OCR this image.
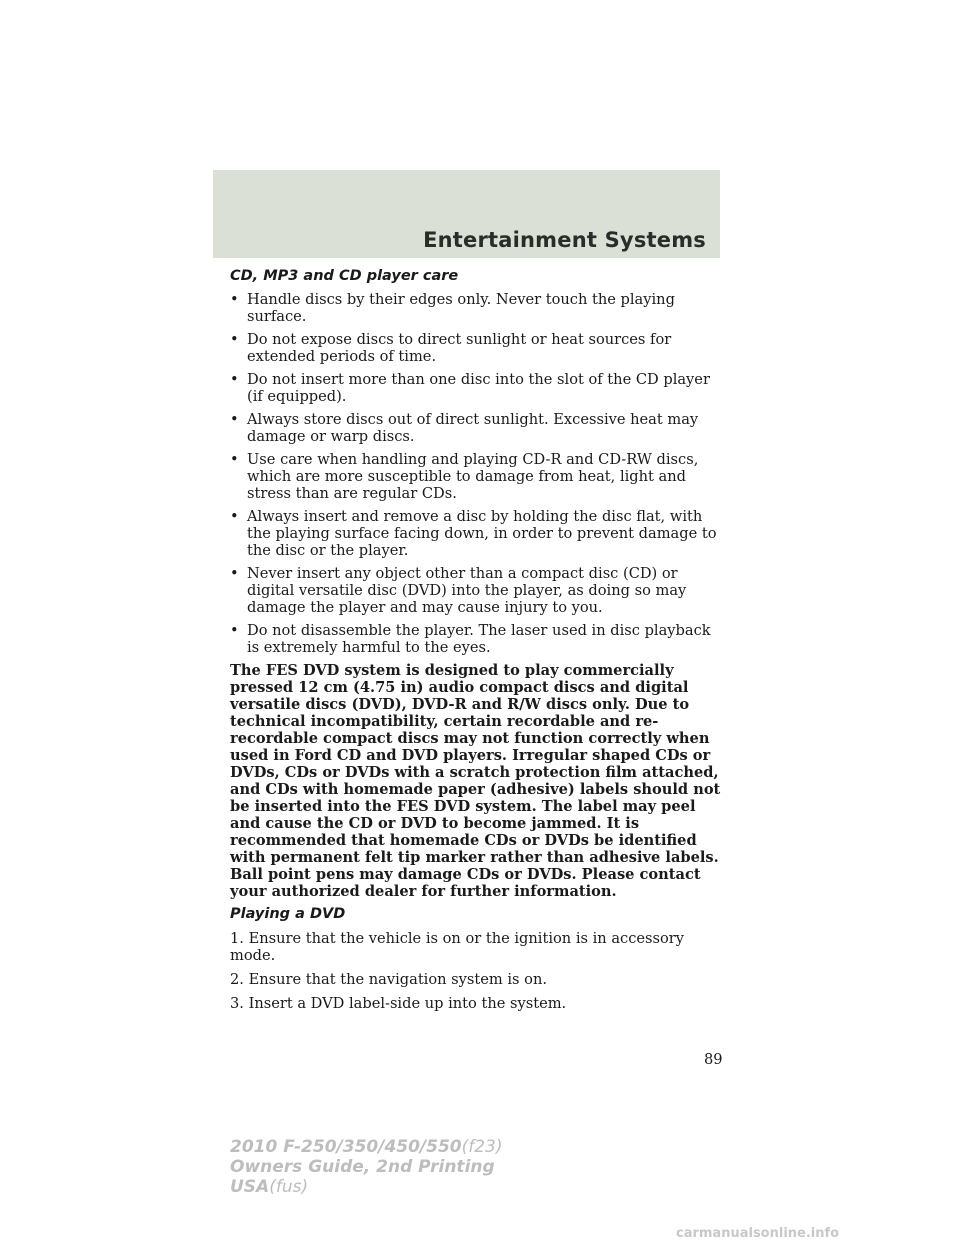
Entertainment Systems
CD, MP3 and CD player care
• Handle discs by their edges only. Never touch the playing surface.
• Do not expose discs to direct sunlight or heat sources for extended periods of time.
• Do not insert more than one disc into the slot of the CD player (if equipped).
• Always store discs out of direct sunlight. Excessive heat may damage or warp discs.
• Use care when handling and playing CD-R and CD-RW discs, which are more susceptible to damage from heat, light and stress than are regular CDs.
• Always insert and remove a disc by holding the disc flat, with the playing surface facing down, in order to prevent damage to the disc or the player.
• Never insert any object other than a compact disc (CD) or digital versatile disc (DVD) into the player, as doing so may damage the player and may cause injury to you.
• Do not disassemble the player. The laser used in disc playback is extremely harmful to the eyes.

The FES DVD system is designed to play commercially pressed 12 cm (4.75 in) audio compact discs and digital versatile discs (DVD), DVD-R and R/W discs only. Due to technical incompatibility, certain recordable and re-recordable compact discs may not function correctly when used in Ford CD and DVD players. Irregular shaped CDs or DVDs, CDs or DVDs with a scratch protection film attached, and CDs with homemade paper (adhesive) labels should not be inserted into the FES DVD system. The label may peel and cause the CD or DVD to become jammed. It is recommended that homemade CDs or DVDs be identified with permanent felt tip marker rather than adhesive labels. Ball point pens may damage CDs or DVDs. Please contact your authorized dealer for further information.

Playing a DVD

1. Ensure that the vehicle is on or the ignition is in accessory mode.

2. Ensure that the navigation system is on.

3. Insert a DVD label-side up into the system.

89
2010 F-250/350/450/550(f23)
Owners Guide, 2nd Printing
USA(fus)
carmanualsonline.info
